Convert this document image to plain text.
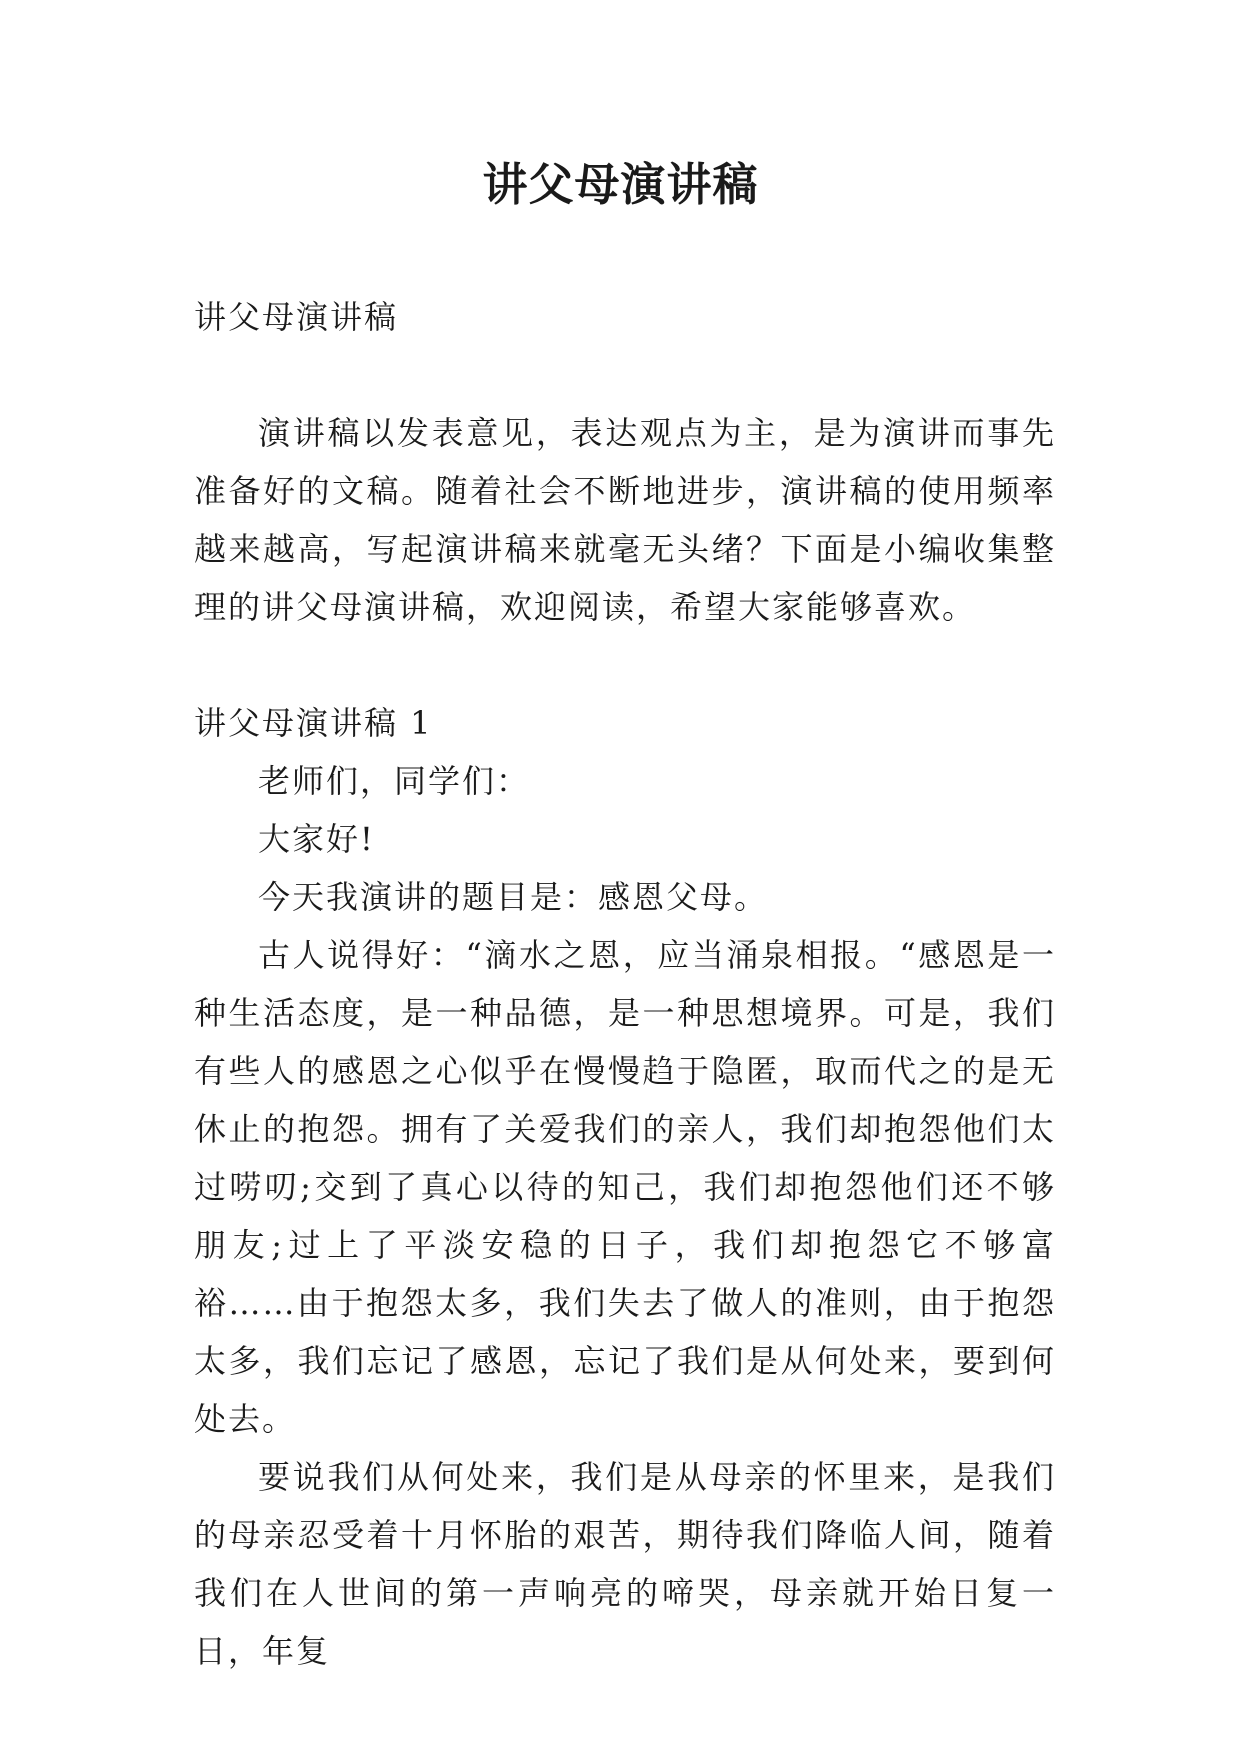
讲父母演讲稿

讲父母演讲稿

演讲稿以发表意见，表达观点为主，是为演讲而事先准备好的文稿。随着社会不断地进步，演讲稿的使用频率越来越高，写起演讲稿来就毫无头绪？下面是小编收集整理的讲父母演讲稿，欢迎阅读，希望大家能够喜欢。

讲父母演讲稿 1

老师们，同学们：

大家好!

今天我演讲的题目是：感恩父母。

古人说得好：“滴水之恩，应当涌泉相报。“感恩是一种生活态度，是一种品德，是一种思想境界。可是，我们有些人的感恩之心似乎在慢慢趋于隐匿，取而代之的是无休止的抱怨。拥有了关爱我们的亲人，我们却抱怨他们太过唠叨;交到了真心以待的知己，我们却抱怨他们还不够朋友;过上了平淡安稳的日子，我们却抱怨它不够富裕……由于抱怨太多，我们失去了做人的准则，由于抱怨太多，我们忘记了感恩，忘记了我们是从何处来，要到何处去。

要说我们从何处来，我们是从母亲的怀里来，是我们的母亲忍受着十月怀胎的艰苦，期待我们降临人间，随着我们在人世间的第一声响亮的啼哭，母亲就开始日复一日，年复
